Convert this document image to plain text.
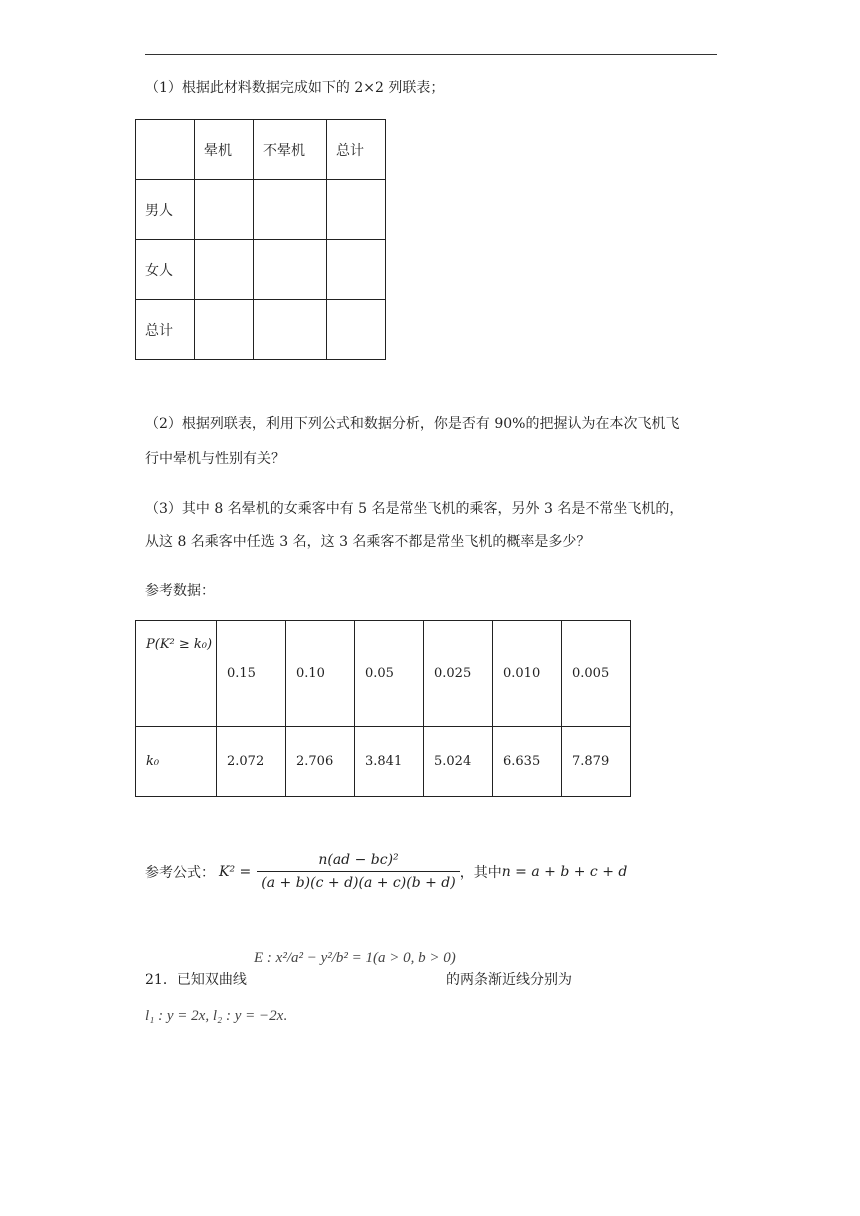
（1）根据此材料数据完成如下的 2×2 列联表；
	晕机	不晕机	总计
男人			
女人			
总计			
（2）根据列联表，利用下列公式和数据分析，你是否有 90%的把握认为在本次飞机飞
行中晕机与性别有关？
（3）其中 8 名晕机的女乘客中有 5 名是常坐飞机的乘客，另外 3 名是不常坐飞机的，
从这 8 名乘客中任选 3 名，这 3 名乘客不都是常坐飞机的概率是多少？
参考数据：
P(K² ≥ k₀)	0.15	0.10	0.05	0.025	0.010	0.005
k₀	2.072	2.706	3.841	5.024	6.635	7.879
参考公式： $K^2 = \frac{\text{n(ad − bc)²}}{(a + b)(c + d)(a + c)(b + d)}$ ，其中 n = a + b + c + d
21．已知双曲线
E : x²/a² − y²/b² = 1(a > 0, b > 0)
的两条渐近线分别为
l₁ : y = 2x, l₂ : y = −2x.
